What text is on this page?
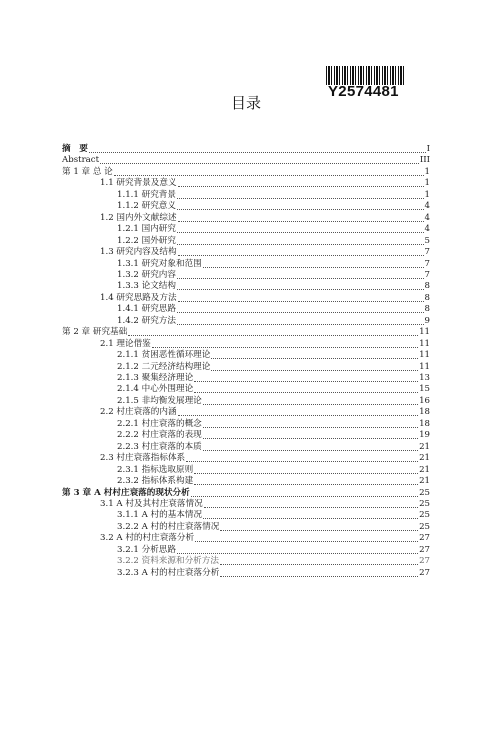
Y2574481
目录
摘　要	I
Abstract	III
第 1 章 总 论	1
1.1 研究背景及意义	1
1.1.1 研究背景	1
1.1.2 研究意义	4
1.2 国内外文献综述	4
1.2.1 国内研究	4
1.2.2 国外研究	5
1.3 研究内容及结构	7
1.3.1 研究对象和范围	7
1.3.2 研究内容	7
1.3.3 论文结构	8
1.4 研究思路及方法	8
1.4.1 研究思路	8
1.4.2 研究方法	9
第 2 章 研究基础	11
2.1 理论借鉴	11
2.1.1 贫困恶性循环理论	11
2.1.2 二元经济结构理论	11
2.1.3 聚集经济理论	13
2.1.4 中心外围理论	15
2.1.5 非均衡发展理论	16
2.2 村庄衰落的内涵	18
2.2.1 村庄衰落的概念	18
2.2.2 村庄衰落的表现	19
2.2.3 村庄衰落的本质	21
2.3 村庄衰落指标体系	21
2.3.1 指标选取原则	21
2.3.2 指标体系构建	21
第 3 章 A 村村庄衰落的现状分析	25
3.1 A 村及其村庄衰落情况	25
3.1.1 A 村的基本情况	25
3.2.2 A 村的村庄衰落情况	25
3.2 A 村的村庄衰落分析	27
3.2.1 分析思路	27
3.2.2 资料来源和分析方法	27
3.2.3 A 村的村庄衰落分析	27
